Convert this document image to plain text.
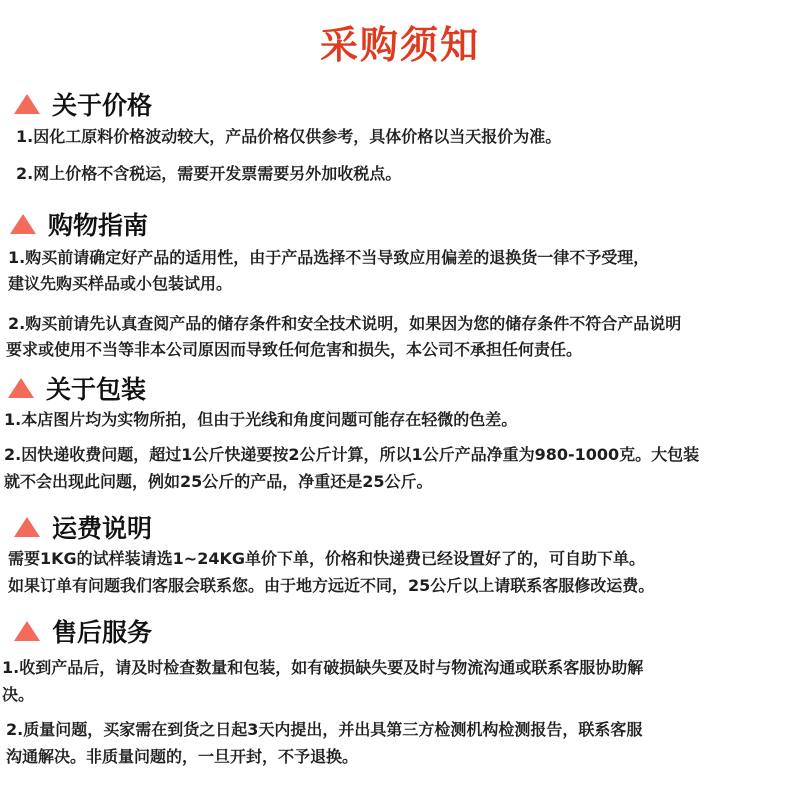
采购须知
关于价格
1.因化工原料价格波动较大，产品价格仅供参考，具体价格以当天报价为准。
2.网上价格不含税运，需要开发票需要另外加收税点。
购物指南
1.购买前请确定好产品的适用性，由于产品选择不当导致应用偏差的退换货一律不予受理，
建议先购买样品或小包装试用。
2.购买前请先认真查阅产品的储存条件和安全技术说明，如果因为您的储存条件不符合产品说明
要求或使用不当等非本公司原因而导致任何危害和损失，本公司不承担任何责任。
关于包装
1.本店图片均为实物所拍，但由于光线和角度问题可能存在轻微的色差。
2.因快递收费问题，超过1公斤快递要按2公斤计算，所以1公斤产品净重为980-1000克。大包装
就不会出现此问题，例如25公斤的产品，净重还是25公斤。
运费说明
需要1KG的试样装请选1~24KG单价下单，价格和快递费已经设置好了的，可自助下单。
如果订单有问题我们客服会联系您。由于地方远近不同，25公斤以上请联系客服修改运费。
售后服务
1.收到产品后，请及时检查数量和包装，如有破损缺失要及时与物流沟通或联系客服协助解
决。
2.质量问题，买家需在到货之日起3天内提出，并出具第三方检测机构检测报告，联系客服
沟通解决。非质量问题的，一旦开封，不予退换。
